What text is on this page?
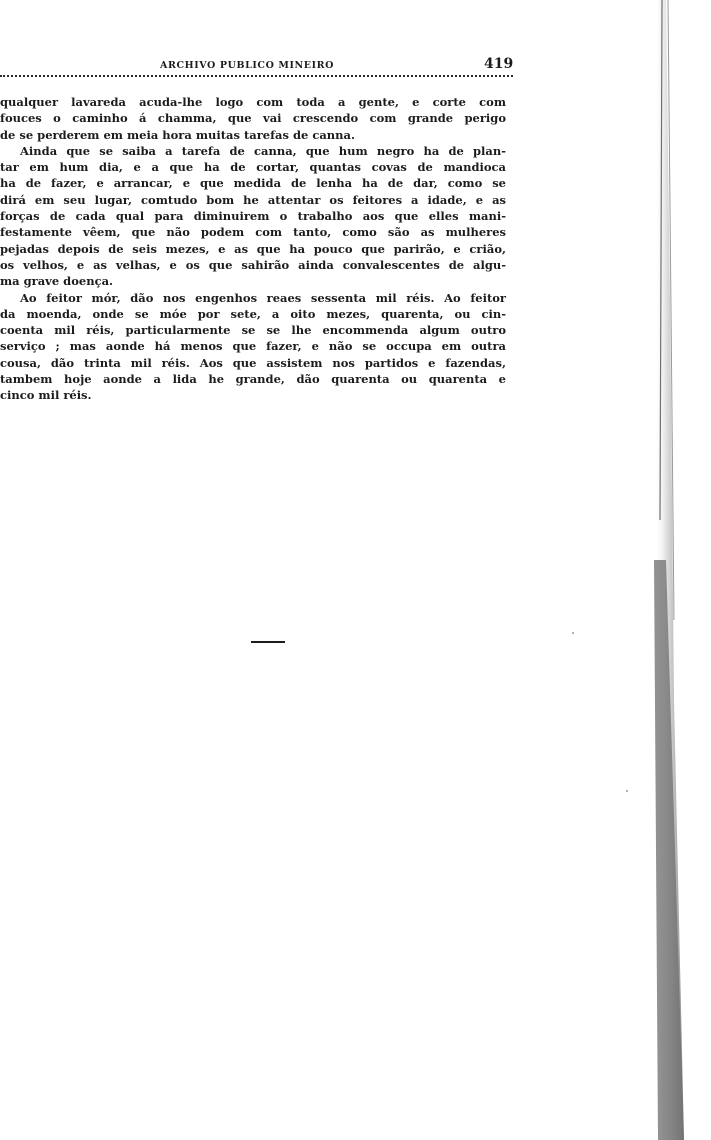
ARCHIVO PUBLICO MINEIRO	419

qualquer lavareda acuda-lhe logo com toda a gente, e corte com
fouces o caminho á chamma, que vai crescendo com grande perigo
de se perderem em meia hora muitas tarefas de canna.

Ainda que se saiba a tarefa de canna, que hum negro ha de plan-
tar em hum dia, e a que ha de cortar, quantas covas de mandioca
ha de fazer, e arrancar, e que medida de lenha ha de dar, como se
dirá em seu lugar, comtudo bom he attentar os feitores a idade, e as
forças de cada qual para diminuirem o trabalho aos que elles mani-
festamente vêem, que não podem com tanto, como são as mulheres
pejadas depois de seis mezes, e as que ha pouco que parirão, e crião,
os velhos, e as velhas, e os que sahirão ainda convalescentes de algu-
ma grave doença.

Ao feitor mór, dão nos engenhos reaes sessenta mil réis. Ao feitor
da moenda, onde se móe por sete, a oito mezes, quarenta, ou cin-
coenta mil réis, particularmente se se lhe encommenda algum outro
serviço ; mas aonde há menos que fazer, e não se occupa em outra
cousa, dão trinta mil réis. Aos que assistem nos partidos e fazendas,
tambem hoje aonde a lida he grande, dão quarenta ou quarenta e
cinco mil réis.
